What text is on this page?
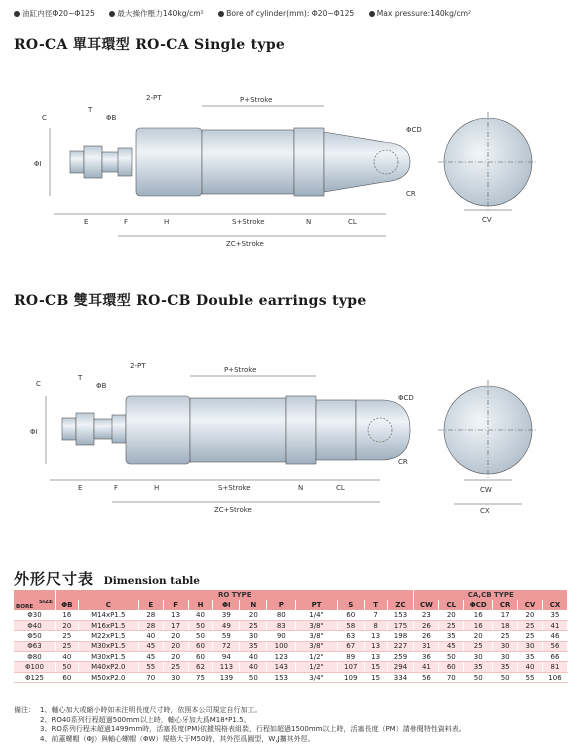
油缸内徑Φ20~Φ125	最大操作壓力140kg/cm²	Bore of cylinder(mm): Φ20~Φ125	Max pressure:140kg/cm²
RO-CA 單耳環型 RO-CA Single type
C
T
ΦB
ΦI
2-PT	P+Stroke
ΦCD
CR
E	F	H	S+Stroke	N	CL
ZC+Stroke
CV
RO-CB 雙耳環型 RO-CB Double earrings type
C
T
ΦB
ΦI
2-PT	P+Stroke
ΦCD
CR
E	F	H	S+Stroke	N	CL
ZC+Stroke
CW
CX
外形尺寸表 Dimension table
	RO TYPE												CA,CB TYPE					

SIZE
BORE	ΦB	C	E	F	H	ΦI	N	P	PT	S	T	ZC	CW	CL	ΦCD	CR	CV	CX
Φ30	16	M14xP1.5	28	13	40	39	20	80	1/4"	60	7	153	23	20	16	17	20	35
Φ40	20	M16xP1.5	28	17	50	49	25	83	3/8"	58	8	175	26	25	16	18	25	41
Φ50	25	M22xP1.5	40	20	50	59	30	90	3/8"	63	13	198	26	35	20	25	25	46
Φ63	25	M30xP1.5	45	20	60	72	35	100	3/8"	67	13	227	31	45	25	30	30	56
Φ80	40	M30xP1.5	45	20	60	94	40	123	1/2"	89	13	259	36	50	30	30	35	66
Φ100	50	M40xP2.0	55	25	62	113	40	143	1/2"	107	15	294	41	60	35	35	40	81
Φ125	60	M50xP2.0	70	30	75	139	50	153	3/4"	109	15	334	56	70	50	50	55	106
備注： 1、軸心加大或縮小時如未注明長度尺寸時，依照本公司規定自行加工。
2、RO40系列行程超過500mm以上時，軸心牙加大爲M18*P1.5。
3、RO系列行程未超過1499mm時，活塞長度(PM)依據規格表組裝，行程如超過1500mm以上時，活塞長度（PM）請參閱特性資料表。
4、前蓋螺帽（ΦJ）與軸心螺帽（ΦW）規格大于M50時，其外徑爲圓型，W,J攜其外徑。
